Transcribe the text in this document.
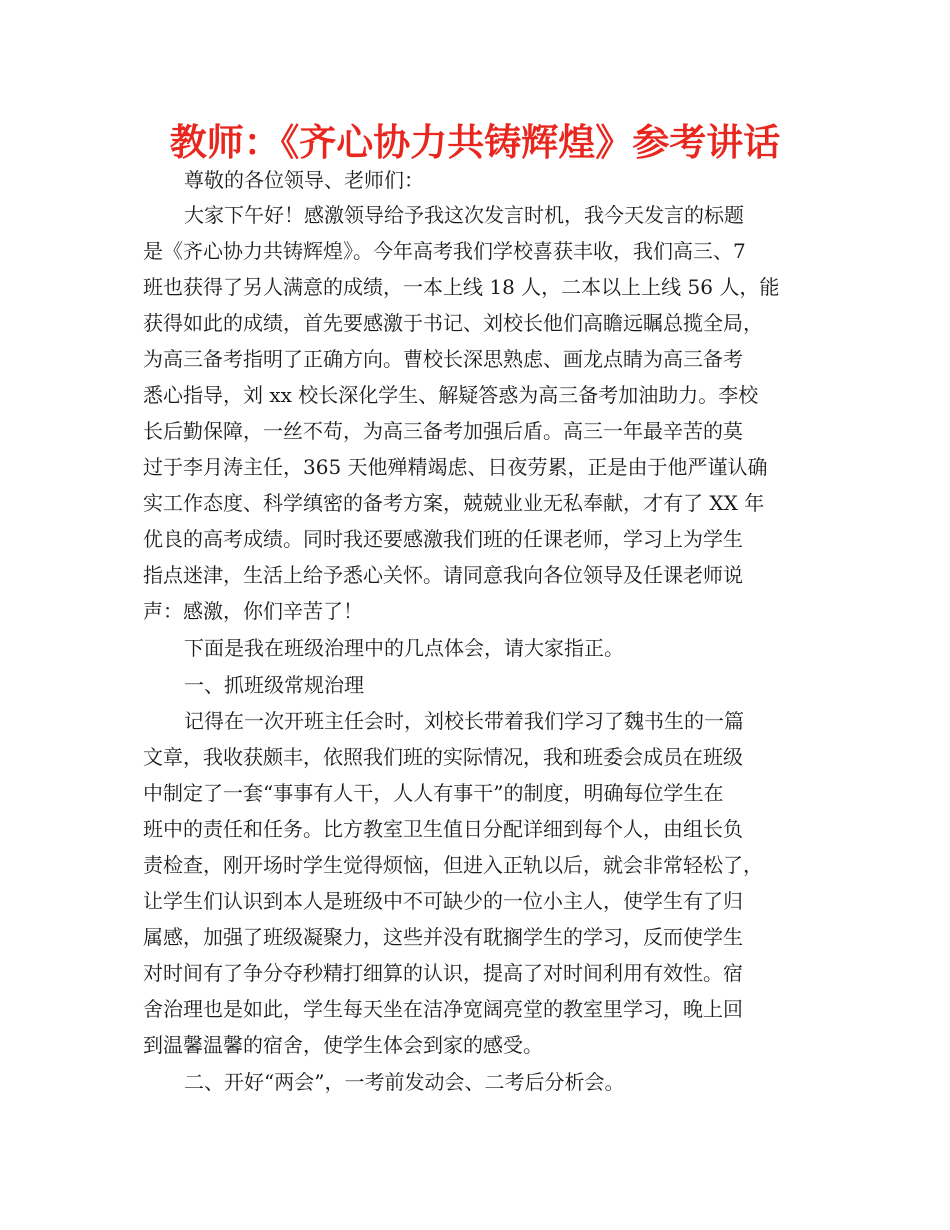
教师：《齐心协力共铸辉煌》参考讲话
尊敬的各位领导、老师们：
大家下午好！感激领导给予我这次发言时机，我今天发言的标题
是《齐心协力共铸辉煌》。今年高考我们学校喜获丰收，我们高三、7
班也获得了另人满意的成绩，一本上线 18 人，二本以上上线 56 人，能
获得如此的成绩，首先要感激于书记、刘校长他们高瞻远瞩总揽全局，
为高三备考指明了正确方向。曹校长深思熟虑、画龙点睛为高三备考
悉心指导，刘 xx 校长深化学生、解疑答惑为高三备考加油助力。李校
长后勤保障，一丝不苟，为高三备考加强后盾。高三一年最辛苦的莫
过于李月涛主任，365 天他殚精竭虑、日夜劳累，正是由于他严谨认确
实工作态度、科学缜密的备考方案，兢兢业业无私奉献，才有了 XX 年
优良的高考成绩。同时我还要感激我们班的任课老师，学习上为学生
指点迷津，生活上给予悉心关怀。请同意我向各位领导及任课老师说
声：感激，你们辛苦了！
下面是我在班级治理中的几点体会，请大家指正。
一、抓班级常规治理
记得在一次开班主任会时，刘校长带着我们学习了魏书生的一篇
文章，我收获颇丰，依照我们班的实际情况，我和班委会成员在班级
中制定了一套“事事有人干，人人有事干”的制度，明确每位学生在
班中的责任和任务。比方教室卫生值日分配详细到每个人，由组长负
责检查，刚开场时学生觉得烦恼，但进入正轨以后，就会非常轻松了，
让学生们认识到本人是班级中不可缺少的一位小主人，使学生有了归
属感，加强了班级凝聚力，这些并没有耽搁学生的学习，反而使学生
对时间有了争分夺秒精打细算的认识，提高了对时间利用有效性。宿
舍治理也是如此，学生每天坐在洁净宽阔亮堂的教室里学习，晚上回
到温馨温馨的宿舍，使学生体会到家的感受。
二、开好“两会”，一考前发动会、二考后分析会。
